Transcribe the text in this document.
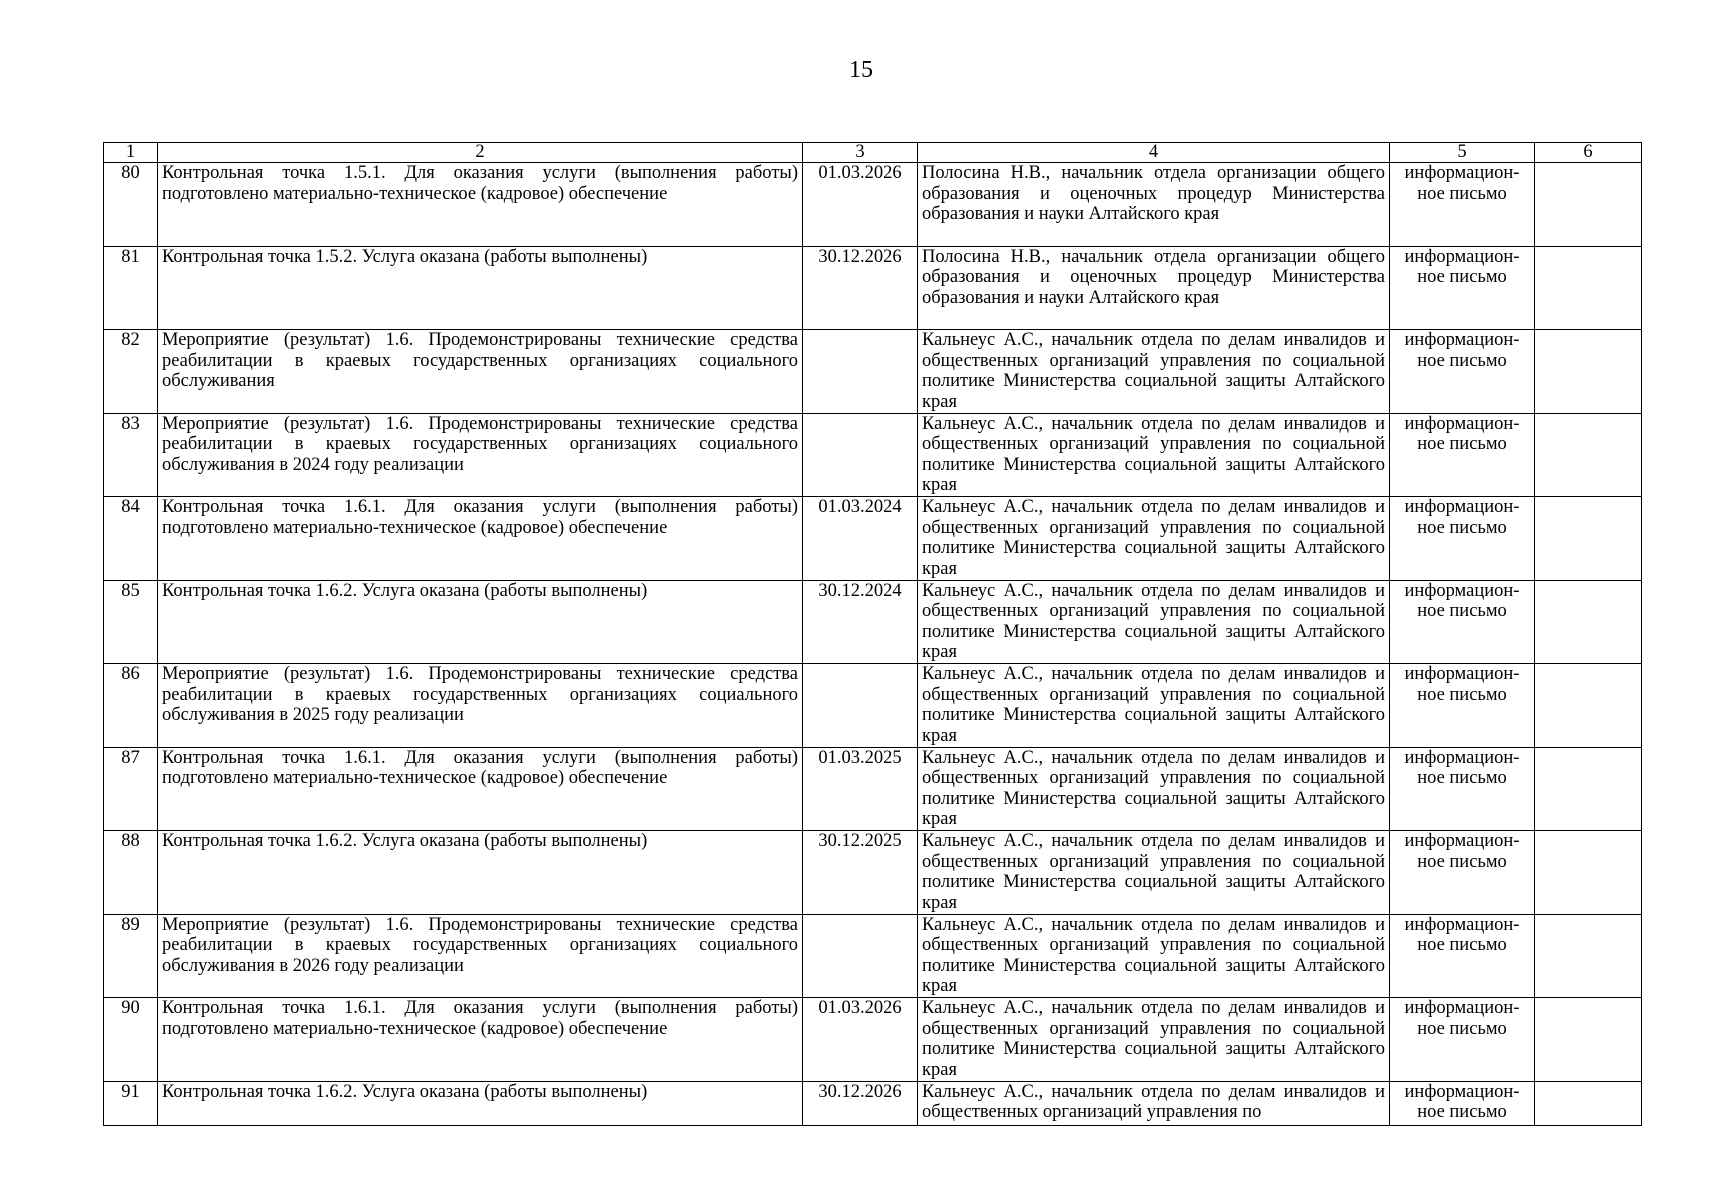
15
1	2	3	4	5	6
80	Контрольная точка 1.5.1. Для оказания услуги (выполнения работы) подготовлено материально-техническое (кадровое) обеспечение	01.03.2026	Полосина Н.В., начальник отдела организации общего образования и оценочных процедур Министерства образования и науки Алтайского края	информацион-ное письмо	
81	Контрольная точка 1.5.2. Услуга оказана (работы выполнены)	30.12.2026	Полосина Н.В., начальник отдела организации общего образования и оценочных процедур Министерства образования и науки Алтайского края	информацион-ное письмо	
82	Мероприятие (результат) 1.6. Продемонстрированы технические средства реабилитации в краевых государственных организациях социального обслуживания		Кальнеус А.С., начальник отдела по делам инвалидов и общественных организаций управления по социальной политике Министерства социальной защиты Алтайского края	информацион-ное письмо	
83	Мероприятие (результат) 1.6. Продемонстрированы технические средства реабилитации в краевых государственных организациях социального обслуживания в 2024 году реализации		Кальнеус А.С., начальник отдела по делам инвалидов и общественных организаций управления по социальной политике Министерства социальной защиты Алтайского края	информацион-ное письмо	
84	Контрольная точка 1.6.1. Для оказания услуги (выполнения работы) подготовлено материально-техническое (кадровое) обеспечение	01.03.2024	Кальнеус А.С., начальник отдела по делам инвалидов и общественных организаций управления по социальной политике Министерства социальной защиты Алтайского края	информацион-ное письмо	
85	Контрольная точка 1.6.2. Услуга оказана (работы выполнены)	30.12.2024	Кальнеус А.С., начальник отдела по делам инвалидов и общественных организаций управления по социальной политике Министерства социальной защиты Алтайского края	информацион-ное письмо	
86	Мероприятие (результат) 1.6. Продемонстрированы технические средства реабилитации в краевых государственных организациях социального обслуживания в 2025 году реализации		Кальнеус А.С., начальник отдела по делам инвалидов и общественных организаций управления по социальной политике Министерства социальной защиты Алтайского края	информацион-ное письмо	
87	Контрольная точка 1.6.1. Для оказания услуги (выполнения работы) подготовлено материально-техническое (кадровое) обеспечение	01.03.2025	Кальнеус А.С., начальник отдела по делам инвалидов и общественных организаций управления по социальной политике Министерства социальной защиты Алтайского края	информацион-ное письмо	
88	Контрольная точка 1.6.2. Услуга оказана (работы выполнены)	30.12.2025	Кальнеус А.С., начальник отдела по делам инвалидов и общественных организаций управления по социальной политике Министерства социальной защиты Алтайского края	информацион-ное письмо	
89	Мероприятие (результат) 1.6. Продемонстрированы технические средства реабилитации в краевых государственных организациях социального обслуживания в 2026 году реализации		Кальнеус А.С., начальник отдела по делам инвалидов и общественных организаций управления по социальной политике Министерства социальной защиты Алтайского края	информацион-ное письмо	
90	Контрольная точка 1.6.1. Для оказания услуги (выполнения работы) подготовлено материально-техническое (кадровое) обеспечение	01.03.2026	Кальнеус А.С., начальник отдела по делам инвалидов и общественных организаций управления по социальной политике Министерства социальной защиты Алтайского края	информацион-ное письмо	
91	Контрольная точка 1.6.2. Услуга оказана (работы выполнены)	30.12.2026	Кальнеус А.С., начальник отдела по делам инвалидов и общественных организаций управления по	информацион-ное письмо	
